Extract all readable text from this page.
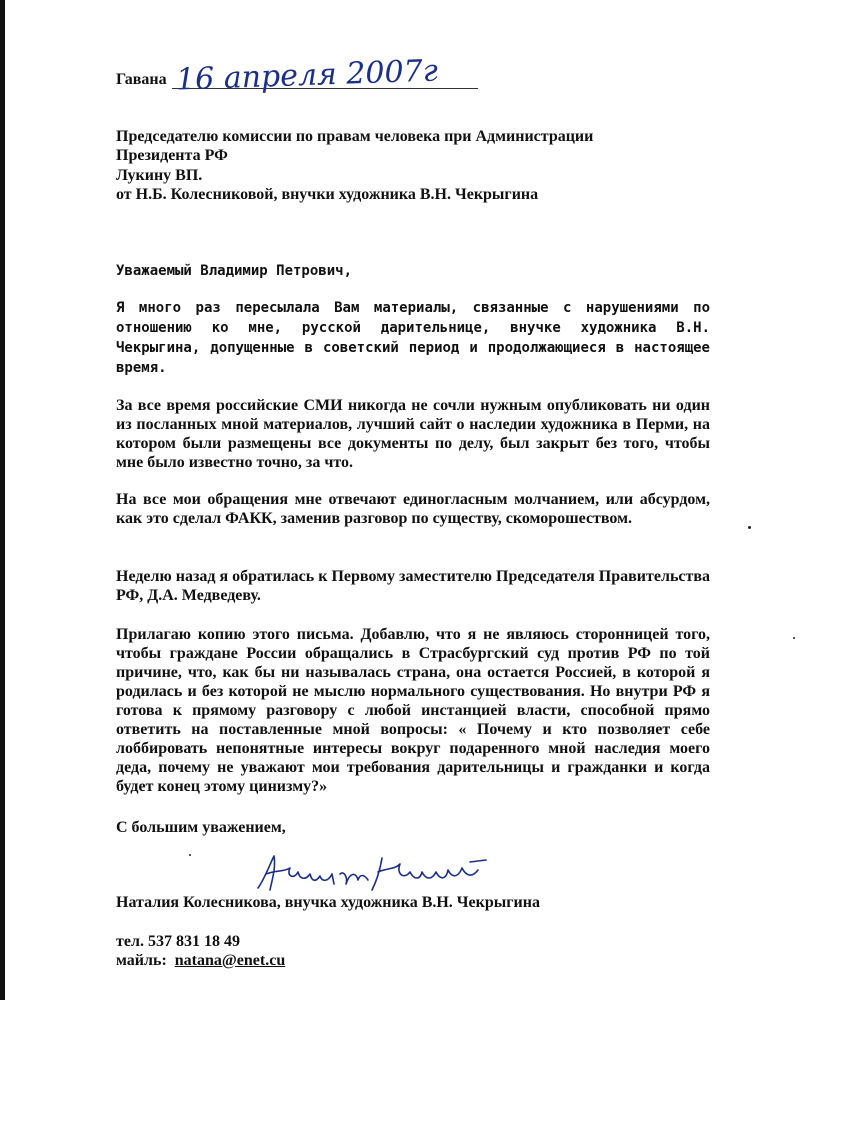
Гавана 16 апреля 2007г
Председателю комиссии по правам человека при Администрации
Президента РФ
Лукину ВП.
от Н.Б. Колесниковой, внучки художника В.Н. Чекрыгина
Уважаемый Владимир Петрович,
Я много раз пересылала Вам материалы, связанные с нарушениями по отношению ко мне, русской дарительнице, внучке художника В.Н. Чекрыгина, допущенные в советский период и продолжающиеся в настоящее время.
За все время российские СМИ никогда не сочли нужным опубликовать ни один из посланных мной материалов, лучший сайт о наследии художника в Перми, на котором были размещены все документы по делу, был закрыт без того, чтобы мне было известно точно, за что.
На все мои обращения мне отвечают единогласным молчанием, или абсурдом, как это сделал ФАКК, заменив разговор по существу, скоморошеством.
Неделю назад я обратилась к Первому заместителю Председателя Правительства РФ, Д.А. Медведеву.
Прилагаю копию этого письма. Добавлю, что я не являюсь сторонницей того, чтобы граждане России обращались в Страсбургский суд против РФ по той причине, что, как бы ни называлась страна, она остается Россией, в которой я родилась и без которой не мыслю нормального существования. Но внутри РФ я готова к прямому разговору с любой инстанцией власти, способной прямо ответить на поставленные мной вопросы: « Почему и кто позволяет себе лоббировать непонятные интересы вокруг подаренного мной наследия моего деда, почему не уважают мои требования дарительницы и гражданки и когда будет конец этому цинизму?»
С большим уважением,
Наталия Колесникова, внучка художника В.Н. Чекрыгина
тел. 537 831 18 49
майль: natana@enet.cu
